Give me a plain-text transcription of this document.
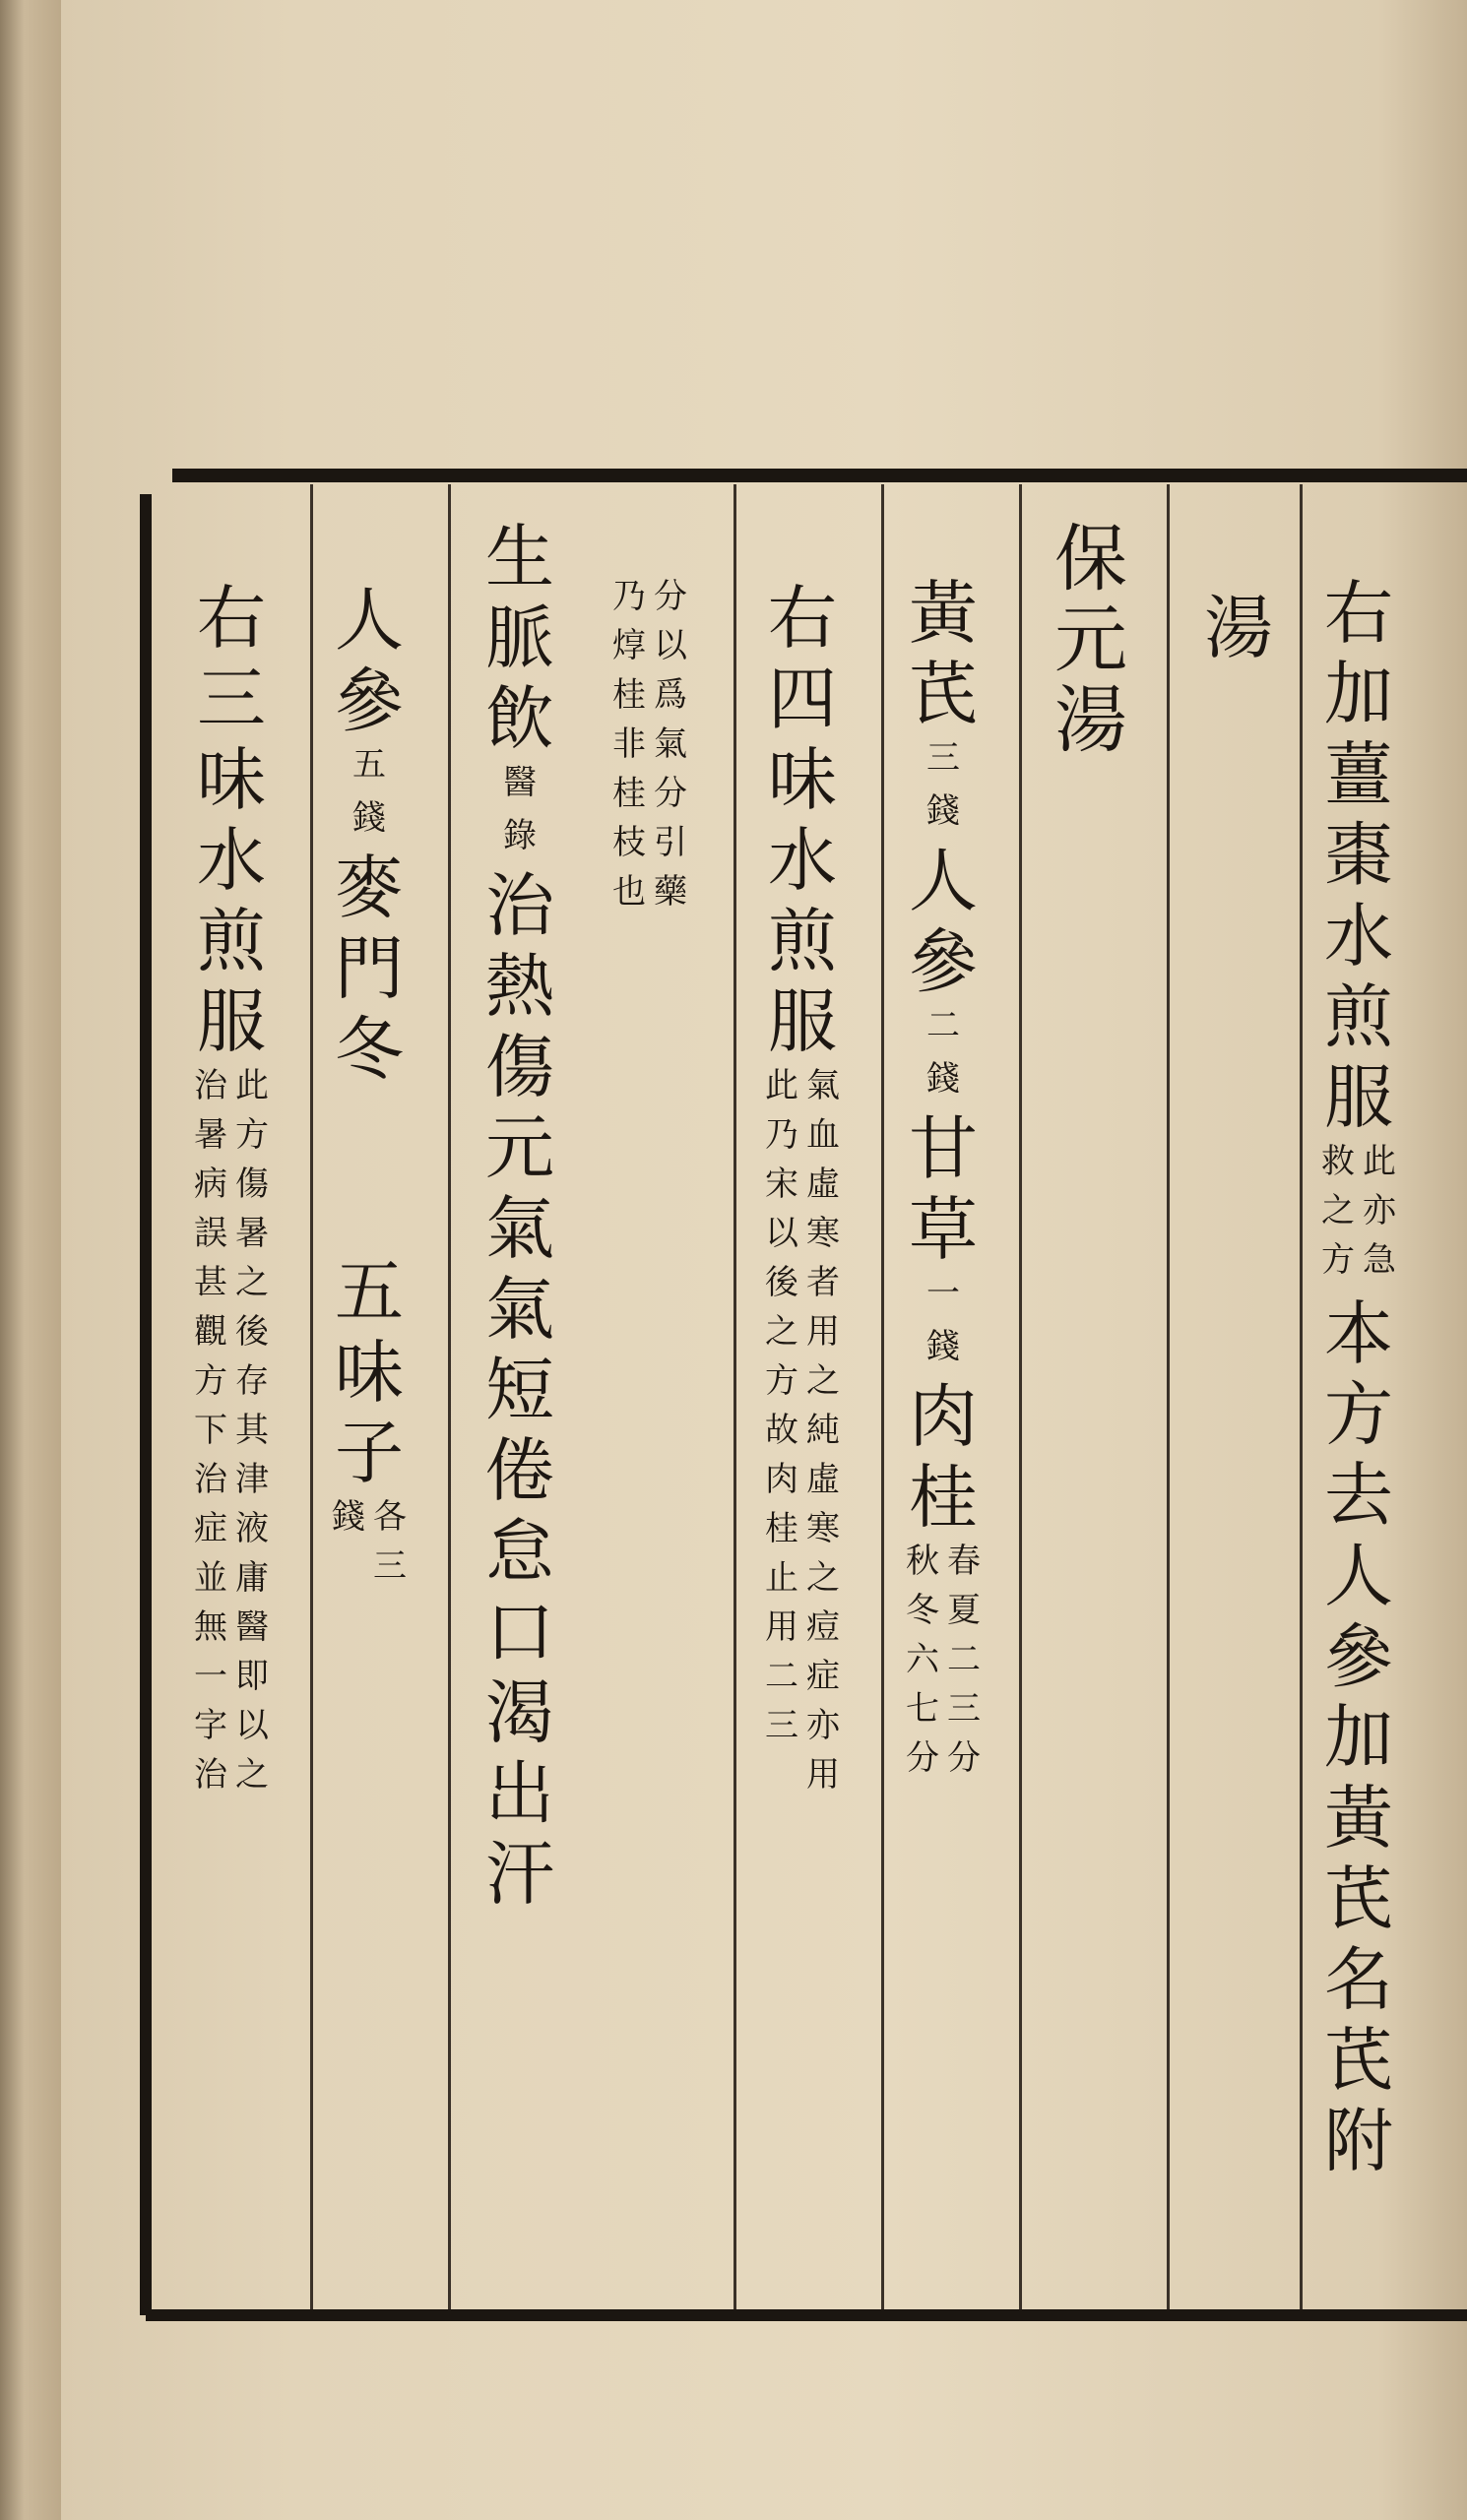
右
加
薑
棗
水
煎
服
此
亦
急
救
之
方
本
方
去
人
參
加
黃
芪
名
芪
附
湯
保
元
湯
黃
芪
三
錢
人
參
二
錢
甘
草
一
錢
肉
桂
春
夏
二
三
分
秋
冬
六
七
分
右
四
味
水
煎
服
氣
血
虛
寒
者
用
之
純
虛
寒
之
痘
症
亦
用
此
乃
宋
以
後
之
方
故
肉
桂
止
用
二
三
分
以
爲
氣
分
引
藥
乃
焞
桂
非
桂
枝
也
生
脈
飲
醫
錄
治
熱
傷
元
氣
氣
短
倦
怠
口
渴
出
汗
人
參
五
錢
麥
門
冬
五
味
子
各
三
錢
右
三
味
水
煎
服
此
方
傷
暑
之
後
存
其
津
液
庸
醫
即
以
之
治
暑
病
誤
甚
觀
方
下
治
症
並
無
一
字
治
